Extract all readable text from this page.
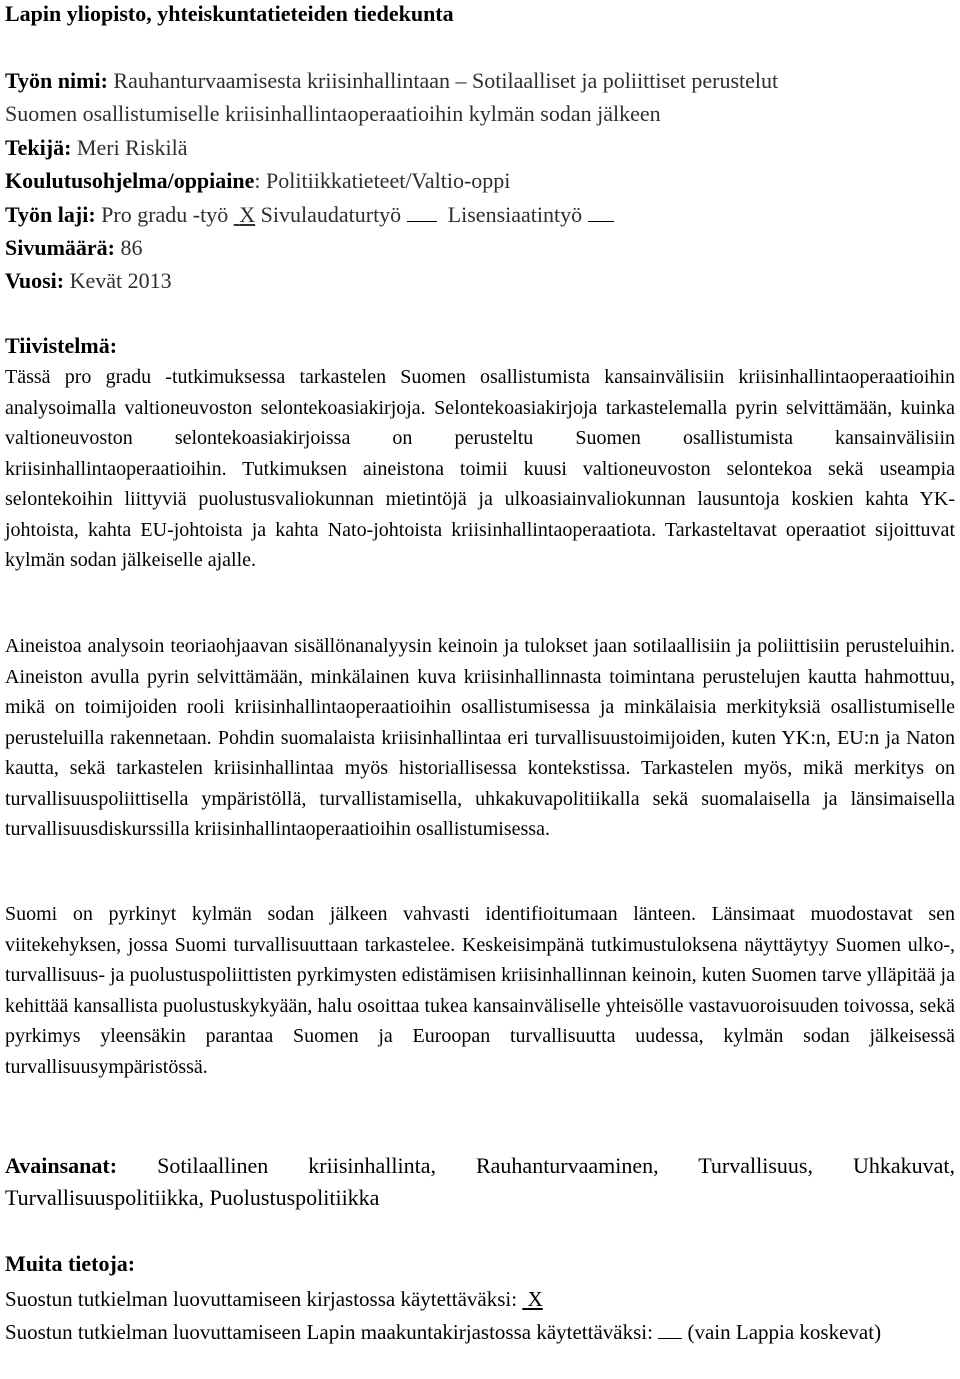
Lapin yliopisto, yhteiskuntatieteiden tiedekunta
Työn nimi: Rauhanturvaamisesta kriisinhallintaan – Sotilaalliset ja poliittiset perustelut
Suomen osallistumiselle kriisinhallintaoperaatioihin kylmän sodan jälkeen
Tekijä: Meri Riskilä
Koulutusohjelma/oppiaine: Politiikkatieteet/Valtio-oppi
Työn laji: Pro gradu -työ X Sivulaudaturtyö Lisensiaatintyö
Sivumäärä: 86
Vuosi: Kevät 2013
Tiivistelmä:
Tässä pro gradu -tutkimuksessa tarkastelen Suomen osallistumista kansainvälisiin kriisinhallintaoperaatioihin analysoimalla valtioneuvoston selontekoasiakirjoja. Selontekoasiakirjoja tarkastelemalla pyrin selvittämään, kuinka valtioneuvoston selontekoasiakirjoissa on perusteltu Suomen osallistumista kansainvälisiin kriisinhallintaoperaatioihin. Tutkimuksen aineistona toimii kuusi valtioneuvoston selontekoa sekä useampia selontekoihin liittyviä puolustusvaliokunnan mietintöjä ja ulkoasiainvaliokunnan lausuntoja koskien kahta YK-johtoista, kahta EU-johtoista ja kahta Nato-johtoista kriisinhallintaoperaatiota. Tarkasteltavat operaatiot sijoittuvat kylmän sodan jälkeiselle ajalle.
Aineistoa analysoin teoriaohjaavan sisällönanalyysin keinoin ja tulokset jaan sotilaallisiin ja poliittisiin perusteluihin. Aineiston avulla pyrin selvittämään, minkälainen kuva kriisinhallinnasta toimintana perustelujen kautta hahmottuu, mikä on toimijoiden rooli kriisinhallintaoperaatioihin osallistumisessa ja minkälaisia merkityksiä osallistumiselle perusteluilla rakennetaan. Pohdin suomalaista kriisinhallintaa eri turvallisuustoimijoiden, kuten YK:n, EU:n ja Naton kautta, sekä tarkastelen kriisinhallintaa myös historiallisessa kontekstissa. Tarkastelen myös, mikä merkitys on turvallisuuspoliittisella ympäristöllä, turvallistamisella, uhkakuvapolitiikalla sekä suomalaisella ja länsimaisella turvallisuusdiskurssilla kriisinhallintaoperaatioihin osallistumisessa.
Suomi on pyrkinyt kylmän sodan jälkeen vahvasti identifioitumaan länteen. Länsimaat muodostavat sen viitekehyksen, jossa Suomi turvallisuuttaan tarkastelee. Keskeisimpänä tutkimustuloksena näyttäytyy Suomen ulko-, turvallisuus- ja puolustuspoliittisten pyrkimysten edistämisen kriisinhallinnan keinoin, kuten Suomen tarve ylläpitää ja kehittää kansallista puolustuskykyään, halu osoittaa tukea kansainväliselle yhteisölle vastavuoroisuuden toivossa, sekä pyrkimys yleensäkin parantaa Suomen ja Euroopan turvallisuutta uudessa, kylmän sodan jälkeisessä turvallisuusympäristössä.
Avainsanat: Sotilaallinen kriisinhallinta, Rauhanturvaaminen, Turvallisuus, Uhkakuvat, Turvallisuuspolitiikka, Puolustuspolitiikka
Muita tietoja:
Suostun tutkielman luovuttamiseen kirjastossa käytettäväksi: X
Suostun tutkielman luovuttamiseen Lapin maakuntakirjastossa käytettäväksi: (vain Lappia koskevat)
